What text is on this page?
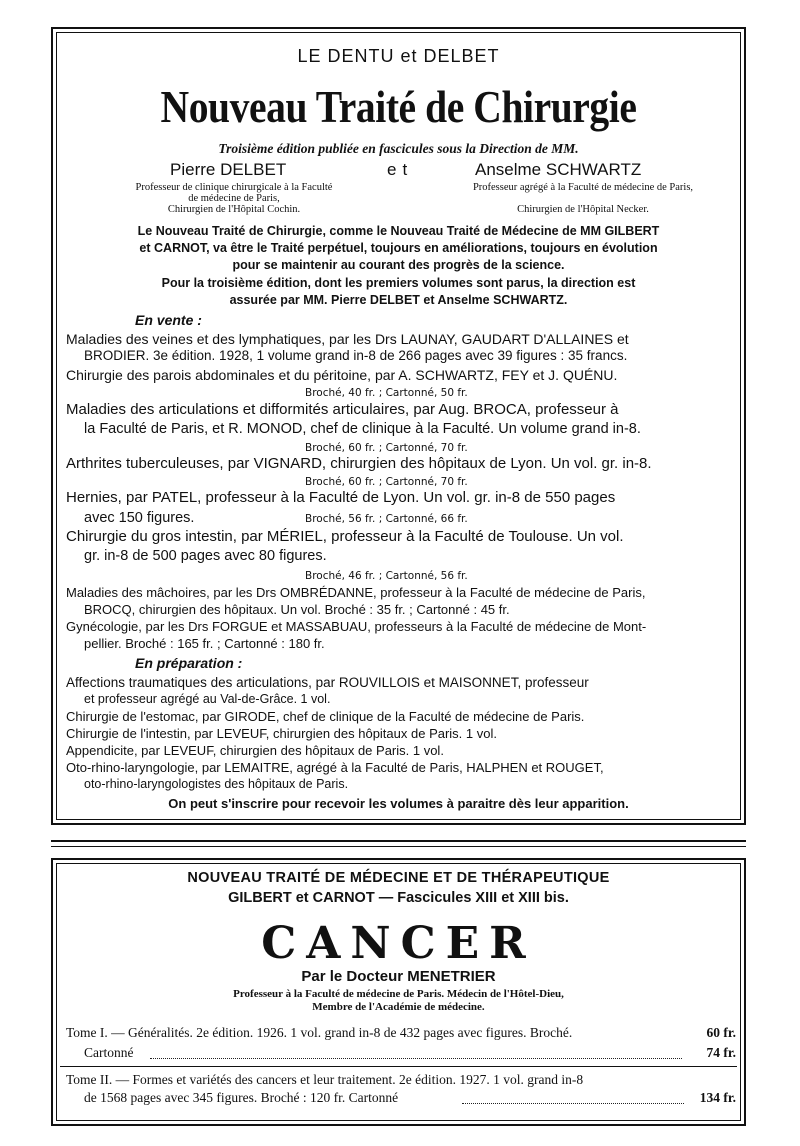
LE DENTU et DELBET
Nouveau Traité de Chirurgie
Troisième édition publiée en fascicules sous la Direction de MM.
Pierre DELBET	et	Anselme SCHWARTZ
Professeur de clinique chirurgicale à la Faculté
de médecine de Paris,
Chirurgien de l'Hôpital Cochin.
Professeur agrégé à la Faculté de médecine de Paris,
Chirurgien de l'Hôpital Necker.
Le Nouveau Traité de Chirurgie, comme le Nouveau Traité de Médecine de MM GILBERT
et CARNOT, va être le Traité perpétuel, toujours en améliorations, toujours en évolution
pour se maintenir au courant des progrès de la science.
Pour la troisième édition, dont les premiers volumes sont parus, la direction est
assurée par MM. Pierre DELBET et Anselme SCHWARTZ.
En vente :
Maladies des veines et des lymphatiques, par les Drs LAUNAY, GAUDART D'ALLAINES et
BRODIER. 3e édition. 1928, 1 volume grand in-8 de 266 pages avec 39 figures : 35 francs.
Chirurgie des parois abdominales et du péritoine, par A. SCHWARTZ, FEY et J. QUÉNU.
Broché, 40 fr. ; Cartonné, 50 fr.
Maladies des articulations et difformités articulaires, par Aug. BROCA, professeur à
la Faculté de Paris, et R. MONOD, chef de clinique à la Faculté. Un volume grand in-8.
Broché, 60 fr. ; Cartonné, 70 fr.
Arthrites tuberculeuses, par VIGNARD, chirurgien des hôpitaux de Lyon. Un vol. gr. in-8.
Broché, 60 fr. ; Cartonné, 70 fr.
Hernies, par PATEL, professeur à la Faculté de Lyon. Un vol. gr. in-8 de 550 pages
avec 150 figures.	Broché, 56 fr. ; Cartonné, 66 fr.
Chirurgie du gros intestin, par MÉRIEL, professeur à la Faculté de Toulouse. Un vol.
gr. in-8 de 500 pages avec 80 figures.
Broché, 46 fr. ; Cartonné, 56 fr.
Maladies des mâchoires, par les Drs OMBRÉDANNE, professeur à la Faculté de médecine de Paris,
BROCQ, chirurgien des hôpitaux. Un vol. Broché : 35 fr. ; Cartonné : 45 fr.
Gynécologie, par les Drs FORGUE et MASSABUAU, professeurs à la Faculté de médecine de Mont-
pellier. Broché : 165 fr. ; Cartonné : 180 fr.
En préparation :
Affections traumatiques des articulations, par ROUVILLOIS et MAISONNET, professeur
et professeur agrégé au Val-de-Grâce. 1 vol.
Chirurgie de l'estomac, par GIRODE, chef de clinique de la Faculté de médecine de Paris.
Chirurgie de l'intestin, par LEVEUF, chirurgien des hôpitaux de Paris. 1 vol.
Appendicite, par LEVEUF, chirurgien des hôpitaux de Paris. 1 vol.
Oto-rhino-laryngologie, par LEMAITRE, agrégé à la Faculté de Paris, HALPHEN et ROUGET,
oto-rhino-laryngologistes des hôpitaux de Paris.
On peut s'inscrire pour recevoir les volumes à paraitre dès leur apparition.
NOUVEAU TRAITÉ DE MÉDECINE ET DE THÉRAPEUTIQUE
GILBERT et CARNOT — Fascicules XIII et XIII bis.
CANCER
Par le Docteur MENETRIER
Professeur à la Faculté de médecine de Paris. Médecin de l'Hôtel-Dieu,
Membre de l'Académie de médecine.
Tome I. — Généralités. 2e édition. 1926. 1 vol. grand in-8 de 432 pages avec figures. Broché.	60 fr.
Cartonné	74 fr.
Tome II. — Formes et variétés des cancers et leur traitement. 2e édition. 1927. 1 vol. grand in-8
de 1568 pages avec 345 figures. Broché : 120 fr. Cartonné	134 fr.
